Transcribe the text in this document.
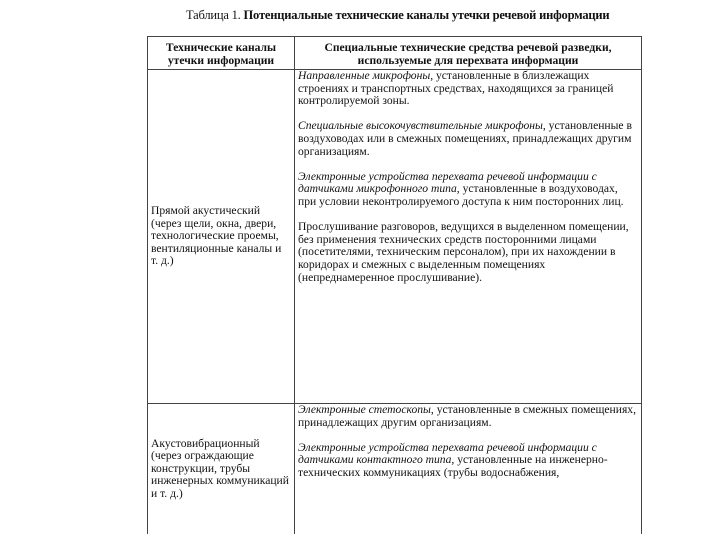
Таблица 1. Потенциальные технические каналы утечки речевой информации
Технические каналы утечки информации	Специальные технические средства речевой разведки, используемые для перехвата информации
Прямой акустический (через щели, окна, двери, технологические проемы, вентиляционные каналы и т. д.)	Направленные микрофоны, установленные в близлежащих строениях и транспортных средствах, находящихся за границей контролируемой зоны.

Специальные высокочувствительные микрофоны, установленные в воздуховодах или в смежных помещениях, принадлежащих другим организациям.

Электронные устройства перехвата речевой информации с датчиками микрофонного типа, установленные в воздуховодах, при условии неконтролируемого доступа к ним посторонних лиц.

Прослушивание разговоров, ведущихся в выделенном помещении, без применения технических средств посторонними лицами (посетителями, техническим персоналом), при их нахождении в коридорах и смежных с выделенным помещениях (непреднамеренное прослушивание).

Акустовибрационный (через ограждающие конструкции, трубы инженерных коммуникаций и т. д.)	Электронные стетоскопы, установленные в смежных помещениях, принадлежащих другим организациям.

Электронные устройства перехвата речевой информации с датчиками контактного типа, установленные на инженерно-технических коммуникациях (трубы водоснабжения,
